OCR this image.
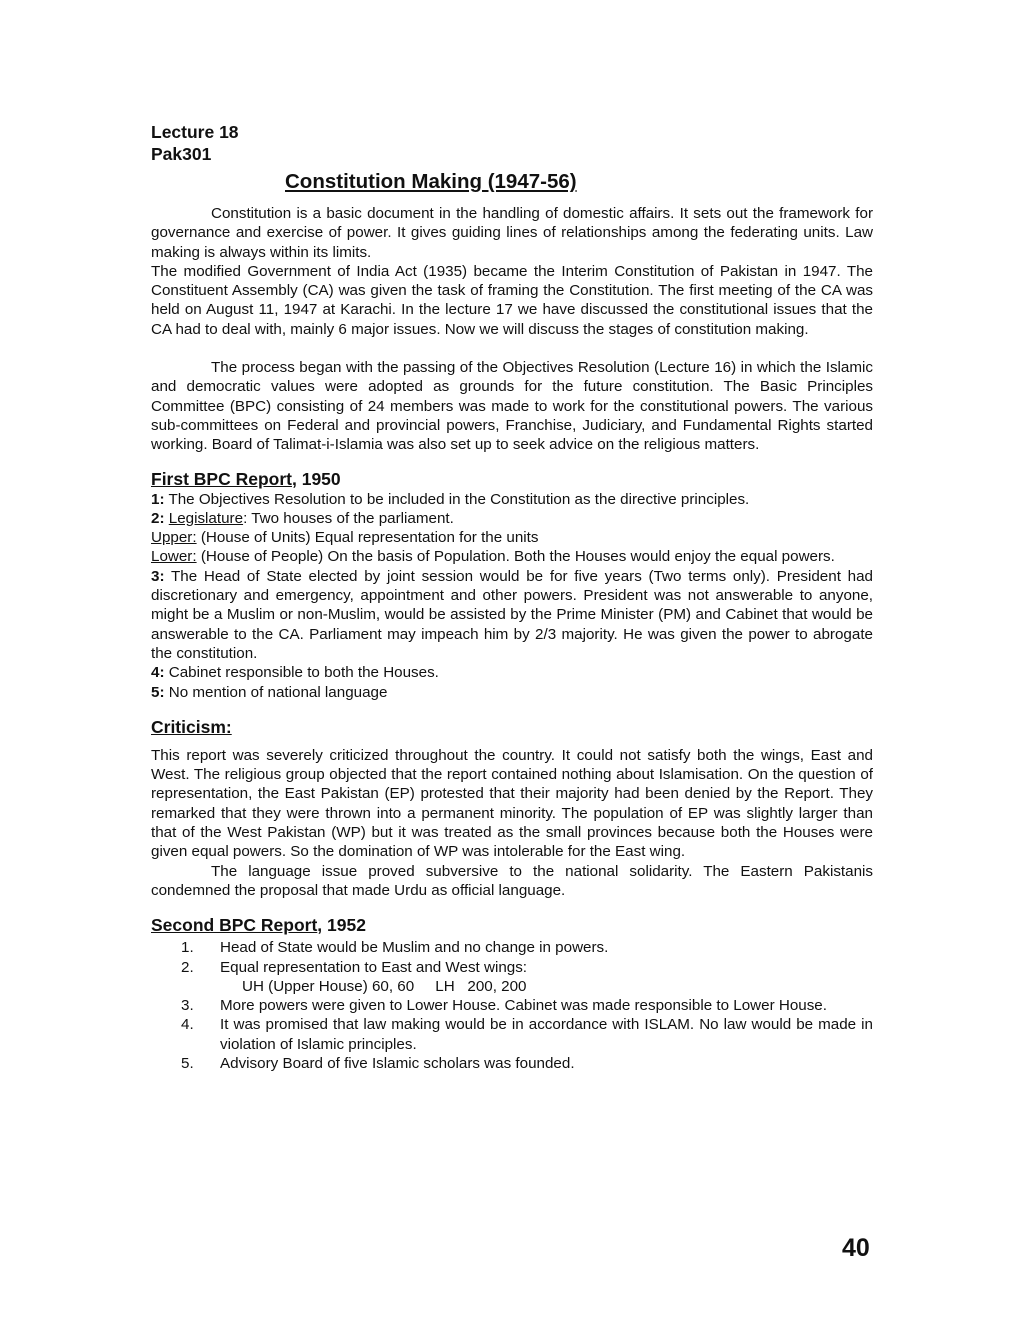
Lecture 18
Pak301
Constitution Making (1947-56)

Constitution is a basic document in the handling of domestic affairs. It sets out the framework for governance and exercise of power. It gives guiding lines of relationships among the federating units. Law making is always within its limits.

The modified Government of India Act (1935) became the Interim Constitution of Pakistan in 1947. The Constituent Assembly (CA) was given the task of framing the Constitution. The first meeting of the CA was held on August 11, 1947 at Karachi. In the lecture 17 we have discussed the constitutional issues that the CA had to deal with, mainly 6 major issues. Now we will discuss the stages of constitution making.

The process began with the passing of the Objectives Resolution (Lecture 16) in which the Islamic and democratic values were adopted as grounds for the future constitution. The Basic Principles Committee (BPC) consisting of 24 members was made to work for the constitutional powers. The various sub-committees on Federal and provincial powers, Franchise, Judiciary, and Fundamental Rights started working. Board of Talimat-i-Islamia was also set up to seek advice on the religious matters.

First BPC Report, 1950

1: The Objectives Resolution to be included in the Constitution as the directive principles.

2: Legislature: Two houses of the parliament.

Upper: (House of Units) Equal representation for the units

Lower: (House of People) On the basis of Population. Both the Houses would enjoy the equal powers.

3: The Head of State elected by joint session would be for five years (Two terms only). President had discretionary and emergency, appointment and other powers. President was not answerable to anyone, might be a Muslim or non-Muslim, would be assisted by the Prime Minister (PM) and Cabinet that would be answerable to the CA. Parliament may impeach him by 2/3 majority. He was given the power to abrogate the constitution.

4: Cabinet responsible to both the Houses.

5: No mention of national language

Criticism:

This report was severely criticized throughout the country. It could not satisfy both the wings, East and West. The religious group objected that the report contained nothing about Islamisation. On the question of representation, the East Pakistan (EP) protested that their majority had been denied by the Report. They remarked that they were thrown into a permanent minority. The population of EP was slightly larger than that of the West Pakistan (WP) but it was treated as the small provinces because both the Houses were given equal powers. So the domination of WP was intolerable for the East wing.

The language issue proved subversive to the national solidarity. The Eastern Pakistanis condemned the proposal that made Urdu as official language.

Second BPC Report, 1952
1. Head of State would be Muslim and no change in powers.
2. Equal representation to East and West wings:
UH (Upper House) 60, 60     LH   200, 200
3. More powers were given to Lower House. Cabinet was made responsible to Lower House.
4. It was promised that law making would be in accordance with ISLAM. No law would be made in violation of Islamic principles.
5. Advisory Board of five Islamic scholars was founded.
40
